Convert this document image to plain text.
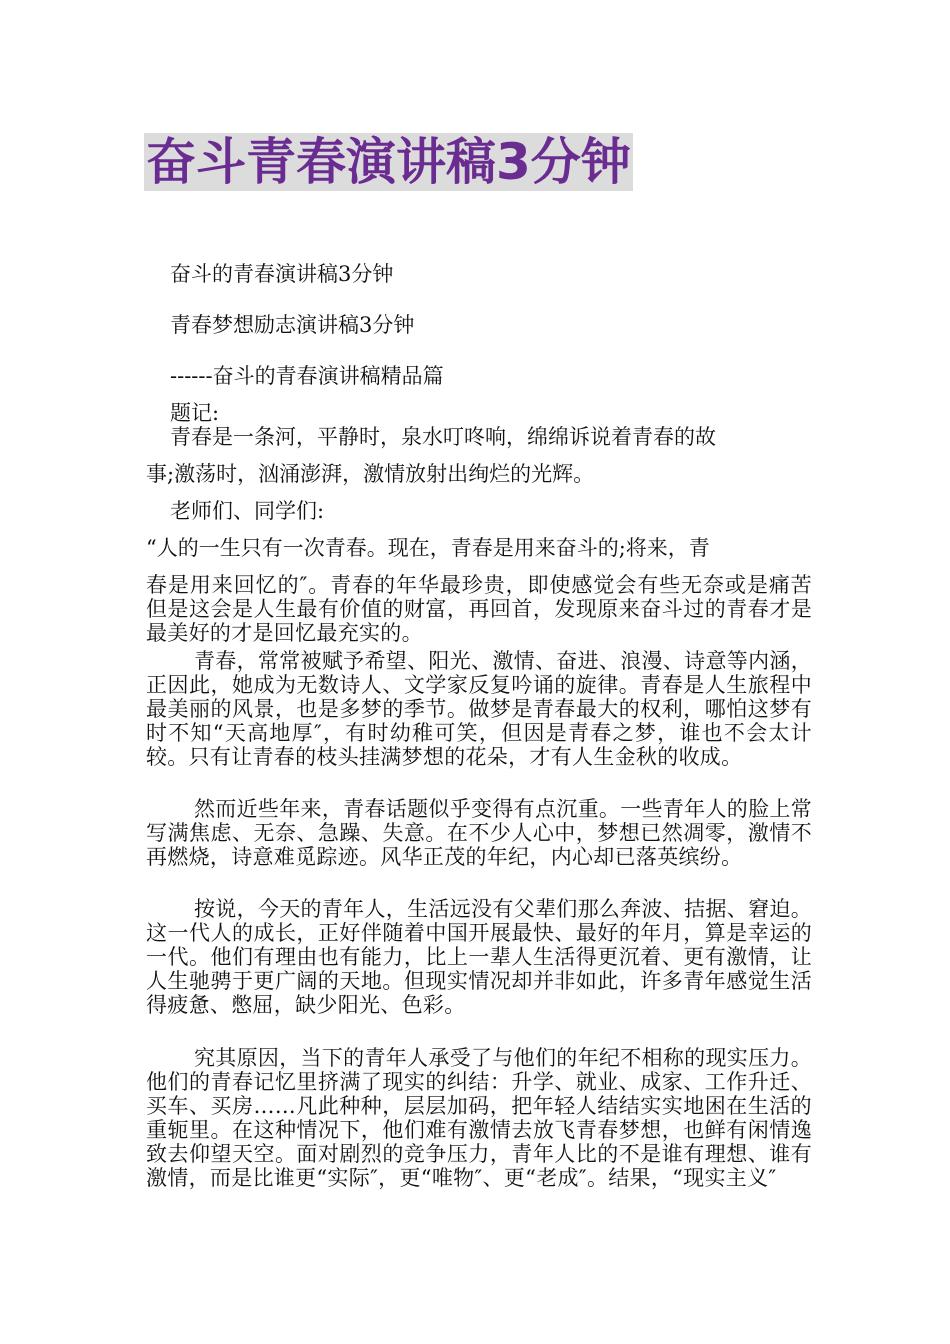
奋斗青春演讲稿3分钟
奋斗的青春演讲稿3分钟
青春梦想励志演讲稿3分钟
------奋斗的青春演讲稿精品篇
题记:
青春是一条河，平静时，泉水叮咚响，绵绵诉说着青春的故
事;激荡时，汹涌澎湃，激情放射出绚烂的光辉。
老师们、同学们:
“人的一生只有一次青春。现在，青春是用来奋斗的;将来，青
春是用来回忆的″。青春的年华最珍贵，即使感觉会有些无奈或是痛苦但是这会是人生最有价值的财富，再回首，发现原来奋斗过的青春才是最美好的才是回忆最充实的。
青春，常常被赋予希望、阳光、激情、奋进、浪漫、诗意等内涵，正因此，她成为无数诗人、文学家反复吟诵的旋律。青春是人生旅程中最美丽的风景，也是多梦的季节。做梦是青春最大的权利，哪怕这梦有时不知“天高地厚″，有时幼稚可笑，但因是青春之梦，谁也不会太计较。只有让青春的枝头挂满梦想的花朵，才有人生金秋的收成。
然而近些年来，青春话题似乎变得有点沉重。一些青年人的脸上常写满焦虑、无奈、急躁、失意。在不少人心中，梦想已然凋零，激情不再燃烧，诗意难觅踪迹。风华正茂的年纪，内心却已落英缤纷。
按说，今天的青年人，生活远没有父辈们那么奔波、拮据、窘迫。这一代人的成长，正好伴随着中国开展最快、最好的年月，算是幸运的一代。他们有理由也有能力，比上一辈人生活得更沉着、更有激情，让人生驰骋于更广阔的天地。但现实情况却并非如此，许多青年感觉生活得疲惫、憋屈，缺少阳光、色彩。
究其原因，当下的青年人承受了与他们的年纪不相称的现实压力。他们的青春记忆里挤满了现实的纠结：升学、就业、成家、工作升迁、买车、买房……凡此种种，层层加码，把年轻人结结实实地困在生活的重轭里。在这种情况下，他们难有激情去放飞青春梦想，也鲜有闲情逸致去仰望天空。面对剧烈的竞争压力，青年人比的不是谁有理想、谁有激情，而是比谁更“实际″，更“唯物″、更“老成″。结果，“现实主义″
